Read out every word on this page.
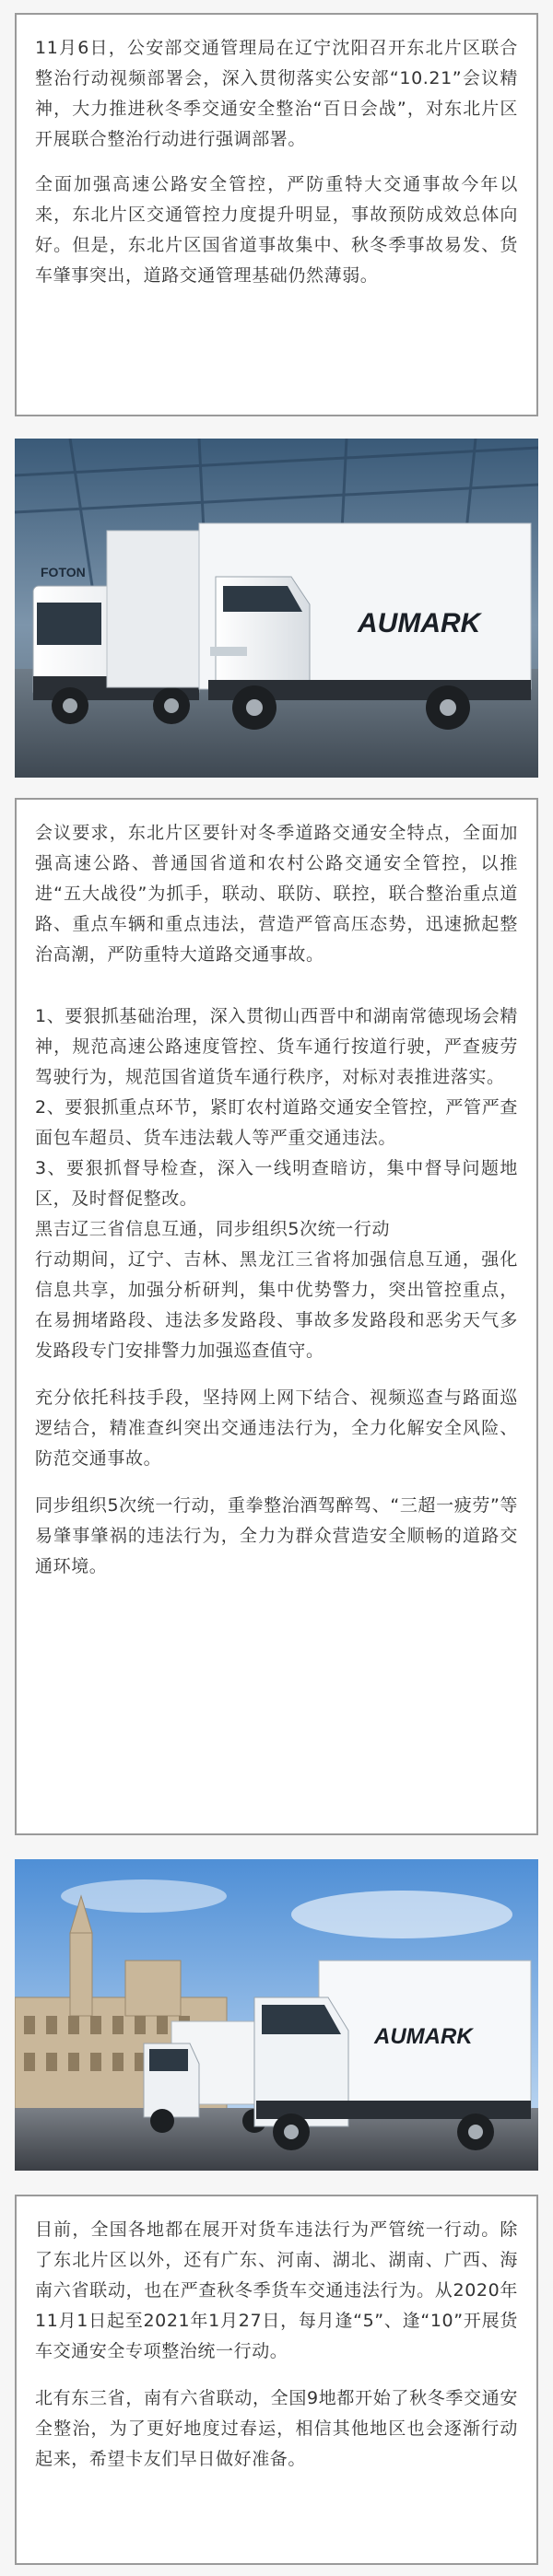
11月6日，公安部交通管理局在辽宁沈阳召开东北片区联合整治行动视频部署会，深入贯彻落实公安部“10.21”会议精神，大力推进秋冬季交通安全整治“百日会战”，对东北片区开展联合整治行动进行强调部署。

全面加强高速公路安全管控，严防重特大交通事故今年以来，东北片区交通管控力度提升明显，事故预防成效总体向好。但是，东北片区国省道事故集中、秋冬季事故易发、货车肇事突出，道路交通管理基础仍然薄弱。

FOTON
AUMARK

会议要求，东北片区要针对冬季道路交通安全特点，全面加强高速公路、普通国省道和农村公路交通安全管控，以推进“五大战役”为抓手，联动、联防、联控，联合整治重点道路、重点车辆和重点违法，营造严管高压态势，迅速掀起整治高潮，严防重特大道路交通事故。

1、要狠抓基础治理，深入贯彻山西晋中和湖南常德现场会精神，规范高速公路速度管控、货车通行按道行驶，严查疲劳驾驶行为，规范国省道货车通行秩序，对标对表推进落实。

2、要狠抓重点环节，紧盯农村道路交通安全管控，严管严查面包车超员、货车违法载人等严重交通违法。

3、要狠抓督导检查，深入一线明查暗访，集中督导问题地区，及时督促整改。

黑吉辽三省信息互通，同步组织5次统一行动

行动期间，辽宁、吉林、黑龙江三省将加强信息互通，强化信息共享，加强分析研判，集中优势警力，突出管控重点，在易拥堵路段、违法多发路段、事故多发路段和恶劣天气多发路段专门安排警力加强巡查值守。

充分依托科技手段，坚持网上网下结合、视频巡查与路面巡逻结合，精准查纠突出交通违法行为，全力化解安全风险、防范交通事故。

同步组织5次统一行动，重拳整治酒驾醉驾、“三超一疲劳”等易肇事肇祸的违法行为，全力为群众营造安全顺畅的道路交通环境。

AUMARK

目前，全国各地都在展开对货车违法行为严管统一行动。除了东北片区以外，还有广东、河南、湖北、湖南、广西、海南六省联动，也在严查秋冬季货车交通违法行为。从2020年11月1日起至2021年1月27日，每月逢“5”、逢“10”开展货车交通安全专项整治统一行动。

北有东三省，南有六省联动，全国9地都开始了秋冬季交通安全整治，为了更好地度过春运，相信其他地区也会逐渐行动起来，希望卡友们早日做好准备。
